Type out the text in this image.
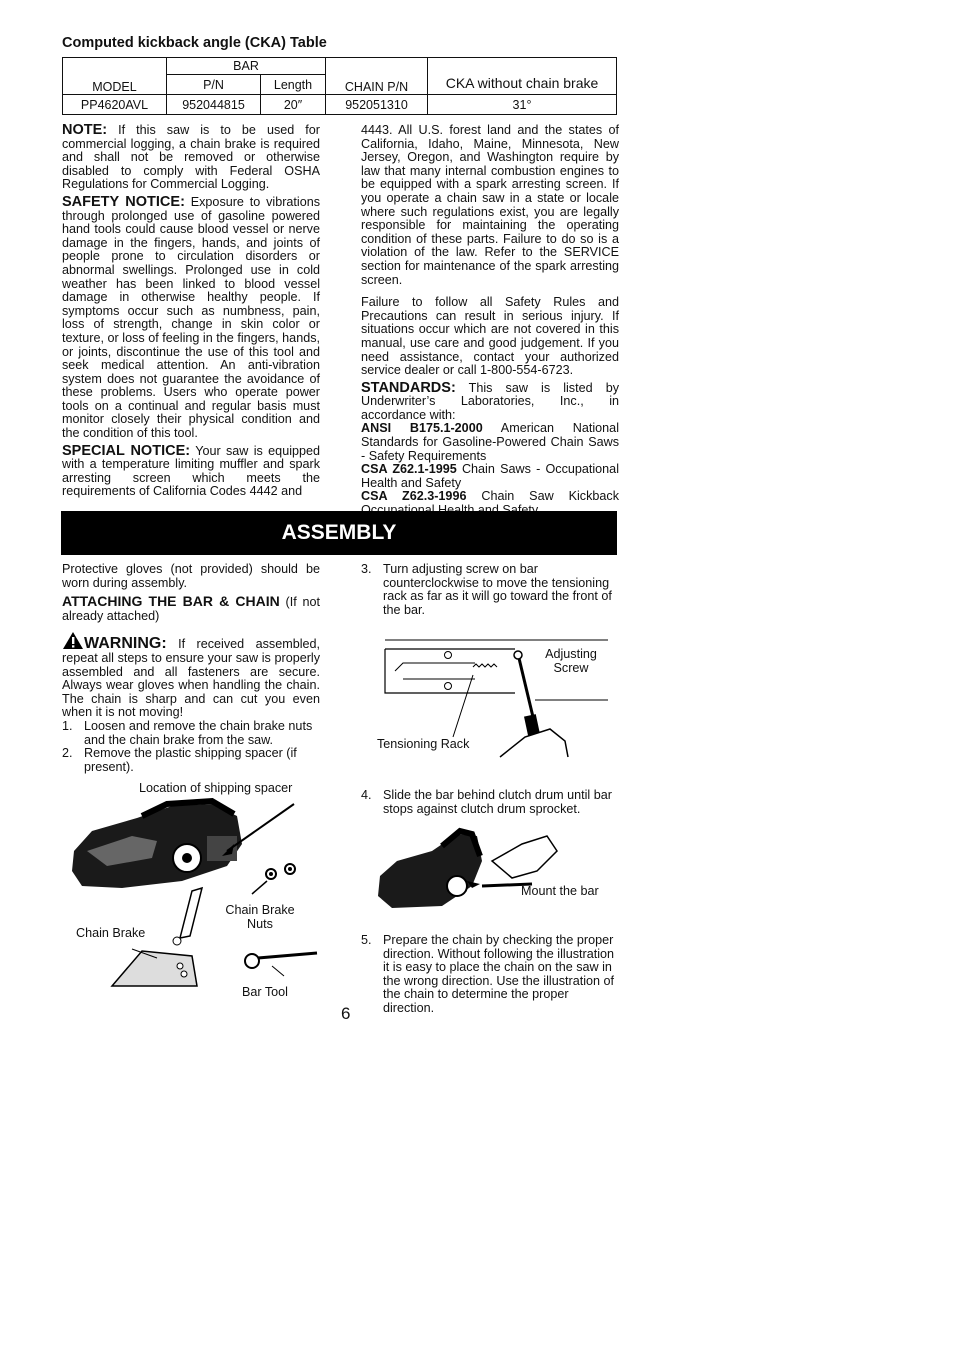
Computed kickback angle (CKA) Table
MODEL	BAR		CHAIN P/N	CKA without chain brake
	P/N	Length		
PP4620AVL	952044815	20″	952051310	31°

NOTE: If this saw is to be used for commercial logging, a chain brake is required and shall not be removed or otherwise disabled to comply with Federal OSHA Regulations for Commercial Logging.

SAFETY NOTICE: Exposure to vibrations through prolonged use of gasoline powered hand tools could cause blood vessel or nerve damage in the fingers, hands, and joints of people prone to circulation disorders or abnormal swellings. Prolonged use in cold weather has been linked to blood vessel damage in otherwise healthy people. If symptoms occur such as numbness, pain, loss of strength, change in skin color or texture, or loss of feeling in the fingers, hands, or joints, discontinue the use of this tool and seek medical attention. An anti-vibration system does not guarantee the avoidance of these problems. Users who operate power tools on a continual and regular basis must monitor closely their physical condition and the condition of this tool.

SPECIAL NOTICE: Your saw is equipped with a temperature limiting muffler and spark arresting screen which meets the requirements of California Codes 4442 and

4443. All U.S. forest land and the states of California, Idaho, Maine, Minnesota, New Jersey, Oregon, and Washington require by law that many internal combustion engines to be equipped with a spark arresting screen. If you operate a chain saw in a state or locale where such regulations exist, you are legally responsible for maintaining the operating condition of these parts. Failure to do so is a violation of the law. Refer to the SERVICE section for maintenance of the spark arresting screen.

Failure to follow all Safety Rules and Precautions can result in serious injury. If situations occur which are not covered in this manual, use care and good judgement. If you need assistance, contact your authorized service dealer or call 1-800-554-6723.

STANDARDS: This saw is listed by Underwriter’s Laboratories, Inc., in accordance with:

ANSI B175.1-2000 American National Standards for Gasoline-Powered Chain Saws - Safety Requirements

CSA Z62.1-1995 Chain Saws - Occupational Health and Safety

CSA Z62.3-1996 Chain Saw Kickback

ASSEMBLY

Protective gloves (not provided) should be worn during assembly.

ATTACHING THE BAR & CHAIN (If not already attached)

WARNING: If received assembled, repeat all steps to ensure your saw is properly assembled and all fasteners are secure. Always wear gloves when handling the chain. The chain is sharp and can cut you even when it is not moving!

1. Loosen and remove the chain brake nuts and the chain brake from the saw.
2. Remove the plastic shipping spacer (if present).
Location of shipping spacer
Chain Brake Nuts
Chain Brake
Bar Tool
3. Turn adjusting screw on bar counterclockwise to move the tensioning rack as far as it will go toward the front of the bar.
Adjusting Screw
Tensioning Rack
4. Slide the bar behind clutch drum until bar stops against clutch drum sprocket.
Mount the bar
5. Prepare the chain by checking the proper direction. Without following the illustration it is easy to place the chain on the saw in the wrong direction. Use the illustration of the chain to determine the proper direction.
6
